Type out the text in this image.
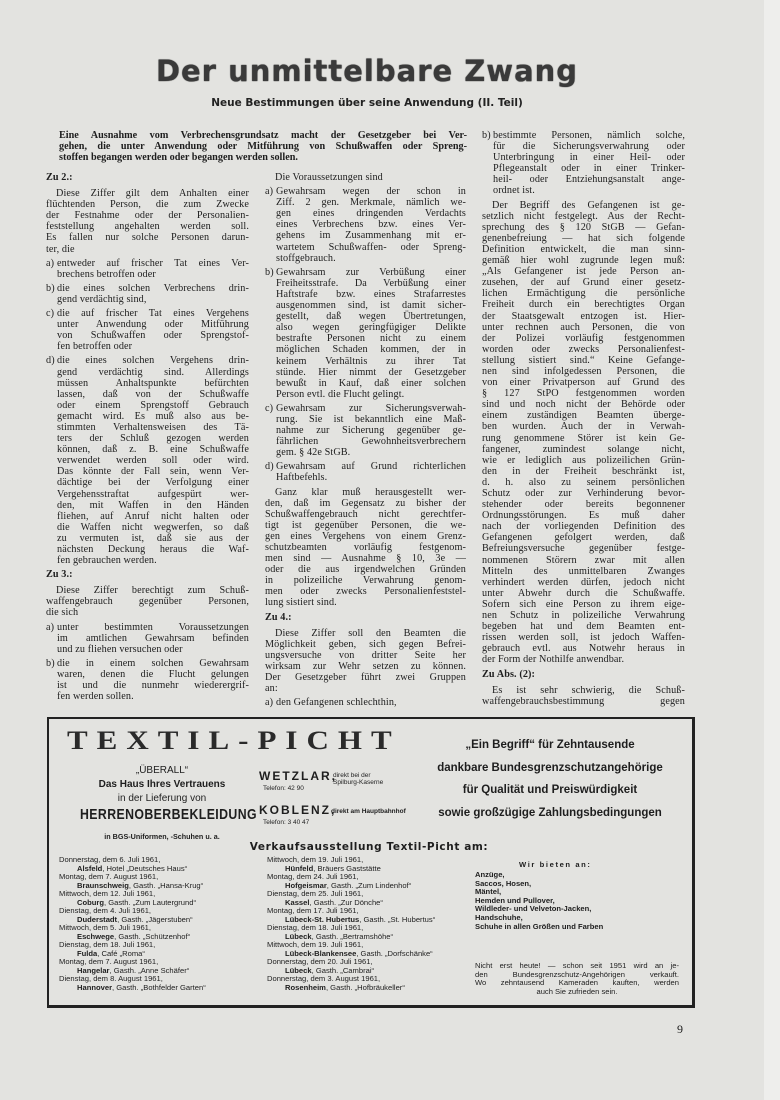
Der unmittelbare Zwang
Neue Bestimmungen über seine Anwendung (II. Teil)
Eine Ausnahme vom Verbrechensgrundsatz macht der Gesetzgeber bei Ver-
gehen, die unter Anwendung oder Mitführung von Schußwaffen oder Spreng-
stoffen begangen werden oder begangen werden sollen.
Zu 2.:
Diese Ziffer gilt dem Anhalten einer
flüchtenden Person, die zum Zwecke
der Festnahme oder der Personalien-
feststellung angehalten werden soll.
Es fallen nur solche Personen darun-
ter, die
a) entweder auf frischer Tat eines Ver-
brechens betroffen oder
b) die eines solchen Verbrechens drin-
gend verdächtig sind,
c) die auf frischer Tat eines Vergehens
unter Anwendung oder Mitführung
von Schußwaffen oder Sprengstof-
fen betroffen oder
d) die eines solchen Vergehens drin-
gend verdächtig sind. Allerdings
müssen Anhaltspunkte befürchten
lassen, daß von der Schußwaffe
oder einem Sprengstoff Gebrauch
gemacht wird. Es muß also aus be-
stimmten Verhaltensweisen des Tä-
ters der Schluß gezogen werden
können, daß z. B. eine Schußwaffe
verwendet werden soll oder wird.
Das könnte der Fall sein, wenn Ver-
dächtige bei der Verfolgung einer
Vergehensstraftat aufgespürt wer-
den, mit Waffen in den Händen
fliehen, auf Anruf nicht halten oder
die Waffen nicht wegwerfen, so daß
zu vermuten ist, daß sie aus der
nächsten Deckung heraus die Waf-
fen gebrauchen werden.
Zu 3.:
Diese Ziffer berechtigt zum Schuß-
waffengebrauch gegenüber Personen,
die sich
a) unter bestimmten Voraussetzungen
im amtlichen Gewahrsam befinden
und zu fliehen versuchen oder
b) die in einem solchen Gewahrsam
waren, denen die Flucht gelungen
ist und die nunmehr wiederergrif-
fen werden sollen.
Die Voraussetzungen sind
a) Gewahrsam wegen der schon in
Ziff. 2 gen. Merkmale, nämlich we-
gen eines dringenden Verdachts
eines Verbrechens bzw. eines Ver-
gehens im Zusammenhang mit er-
wartetem Schußwaffen- oder Spreng-
stoffgebrauch.
b) Gewahrsam zur Verbüßung einer
Freiheitsstrafe. Da Verbüßung einer
Haftstrafe bzw. eines Strafarrestes
ausgenommen sind, ist damit sicher-
gestellt, daß wegen Übertretungen,
also wegen geringfügiger Delikte
bestrafte Personen nicht zu einem
möglichen Schaden kommen, der in
keinem Verhältnis zu ihrer Tat
stünde. Hier nimmt der Gesetzgeber
bewußt in Kauf, daß einer solchen
Person evtl. die Flucht gelingt.
c) Gewahrsam zur Sicherungsverwah-
rung. Sie ist bekanntlich eine Maß-
nahme zur Sicherung gegenüber ge-
fährlichen Gewohnheitsverbrechern
gem. § 42e StGB.
d) Gewahrsam auf Grund richterlichen
Haftbefehls.
Ganz klar muß herausgestellt wer-
den, daß im Gegensatz zu bisher der
Schußwaffengebrauch nicht gerechtfer-
tigt ist gegenüber Personen, die we-
gen eines Vergehens von einem Grenz-
schutzbeamten vorläufig festgenom-
men sind — Ausnahme § 10, 3e —
oder die aus irgendwelchen Gründen
in polizeiliche Verwahrung genom-
men oder zwecks Personalienfeststel-
lung sistiert sind.
Zu 4.:
Diese Ziffer soll den Beamten die
Möglichkeit geben, sich gegen Befrei-
ungsversuche von dritter Seite her
wirksam zur Wehr setzen zu können.
Der Gesetzgeber führt zwei Gruppen
an:
a) den Gefangenen schlechthin,
b) bestimmte Personen, nämlich solche,
für die Sicherungsverwahrung oder
Unterbringung in einer Heil- oder
Pflegeanstalt oder in einer Trinker-
heil- oder Entziehungsanstalt ange-
ordnet ist.
Der Begriff des Gefangenen ist ge-
setzlich nicht festgelegt. Aus der Recht-
sprechung des § 120 StGB — Gefan-
genenbefreiung — hat sich folgende
Definition entwickelt, die man sinn-
gemäß hier wohl zugrunde legen muß:
„Als Gefangener ist jede Person an-
zusehen, der auf Grund einer gesetz-
lichen Ermächtigung die persönliche
Freiheit durch ein berechtigtes Organ
der Staatsgewalt entzogen ist. Hier-
unter rechnen auch Personen, die von
der Polizei vorläufig festgenommen
worden oder zwecks Personalienfest-
stellung sistiert sind.“ Keine Gefange-
nen sind infolgedessen Personen, die
von einer Privatperson auf Grund des
§ 127 StPO festgenommen worden
sind und noch nicht der Behörde oder
einem zuständigen Beamten überge-
ben wurden. Auch der in Verwah-
rung genommene Störer ist kein Ge-
fangener, zumindest solange nicht,
wie er lediglich aus polizeilichen Grün-
den in der Freiheit beschränkt ist,
d. h. also zu seinem persönlichen
Schutz oder zur Verhinderung bevor-
stehender oder bereits begonnener
Ordnungsstörungen. Es muß daher
nach der vorliegenden Definition des
Gefangenen gefolgert werden, daß
Befreiungsversuche gegenüber festge-
nommenen Störern zwar mit allen
Mitteln des unmittelbaren Zwanges
verhindert werden dürfen, jedoch nicht
unter Abwehr durch die Schußwaffe.
Sofern sich eine Person zu ihrem eige-
nen Schutz in polizeiliche Verwahrung
begeben hat und dem Beamten ent-
rissen werden soll, ist jedoch Waffen-
gebrauch evtl. aus Notwehr heraus in
der Form der Nothilfe anwendbar.
Zu Abs. (2):
Es ist sehr schwierig, die Schuß-
waffengebrauchsbestimmung gegen
TEXTIL-PICHT	„Ein Begriff“ für Zehntausende
dankbare Bundesgrenzschutzangehörige
für Qualität und Preiswürdigkeit
sowie großzügige Zahlungsbedingungen
„ÜBERALL“
Das Haus Ihres Vertrauens
in der Lieferung von
HERRENOBERBEKLEIDUNG
in BGS-Uniformen, -Schuhen u. a.
WETZLAR,
Telefon: 42 90
direkt bei der
Spilburg-Kaserne
KOBLENZ,
Telefon: 3 40 47
direkt am Hauptbahnhof
Verkaufsausstellung Textil-Picht am:
Donnerstag, dem 6. Juli 1961,
Alsfeld , Hotel „Deutsches Haus“
Montag, dem 7. August 1961,
Braunschweig , Gasth. „Hansa-Krug“
Mittwoch, dem 12. Juli 1961,
Coburg , Gasth. „Zum Lautergrund“
Dienstag, dem 4. Juli 1961,
Duderstadt , Gasth. „Jägerstuben“
Mittwoch, dem 5. Juli 1961,
Eschwege , Gasth. „Schützenhof“
Dienstag, dem 18. Juli 1961,
Fulda , Café „Roma“
Montag, dem 7. August 1961,
Hangelar , Gasth. „Anne Schäfer“
Dienstag, dem 8. August 1961,
Hannover , Gasth. „Bothfelder Garten“
Mittwoch, dem 19. Juli 1961,
Hünfeld , Bräuers Gaststätte
Montag, dem 24. Juli 1961,
Hofgeismar , Gasth. „Zum Lindenhof“
Dienstag, dem 25. Juli 1961,
Kassel , Gasth. „Zur Dönche“
Montag, dem 17. Juli 1961,
Lübeck-St. Hubertus , Gasth. „St. Hubertus“
Dienstag, dem 18. Juli 1961,
Lübeck , Gasth. „Bertramshöhe“
Mittwoch, dem 19. Juli 1961,
Lübeck-Blankensee , Gasth. „Dorfschänke“
Donnerstag, dem 20. Juli 1961,
Lübeck , Gasth. „Cambrai“
Donnerstag, dem 3. August 1961,
Rosenheim , Gasth. „Hofbräukeller“
Wir bieten an:
Anzüge,
Saccos, Hosen,
Mäntel,
Hemden und Pullover,
Wildleder- und Velveton-Jacken,
Handschuhe,
Schuhe in allen Größen und Farben
Nicht erst heute! — schon seit 1951 wird an je-
den Bundesgrenzschutz-Angehörigen verkauft.
Wo zehntausend Kameraden kauften, werden
auch Sie zufrieden sein.
9
